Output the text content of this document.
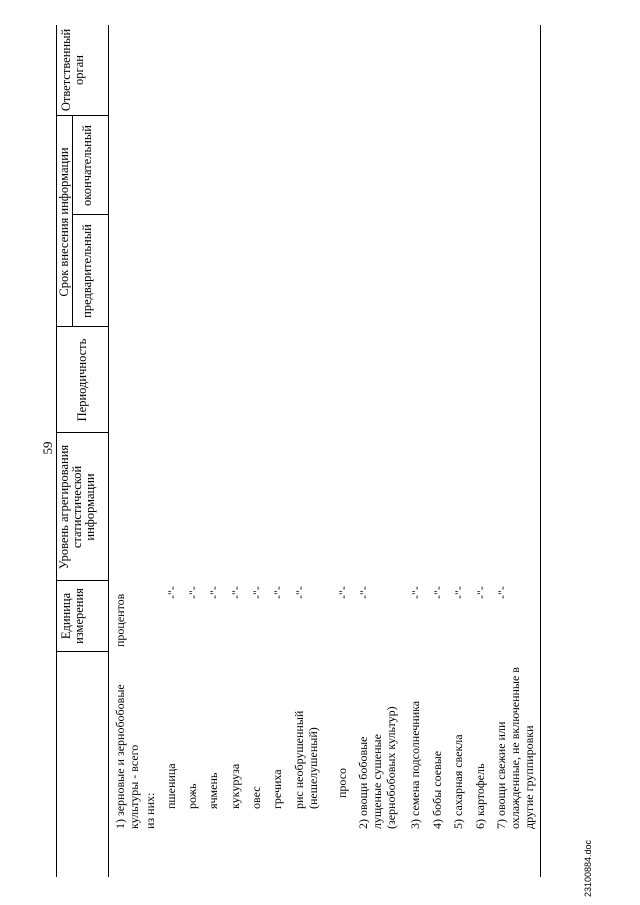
59
Единица измерения
Уровень агрегирования статистической информации
Периодичность
Срок внесения информации предварительный
окончательный
Ответственный орган
1) зерновые и зернобобовые культуры - всего из них:
пшеница рожь ячмень кукуруза овес гречиха рис необрушенный (нешелушеный) просо 2) овощи бобовые лущеные сушеные (зернобобовых культур) 3) семена подсолнечника 4) бобы соевые 5) сахарная свекла 6) картофель 7) овощи свежие или охлажденные, не включенные в другие группировки
процентов
-"- -"- -"- -"- -"- -"- -"- -"- -"-	-"- -"- -"- -"- -"-
23100884.doc
